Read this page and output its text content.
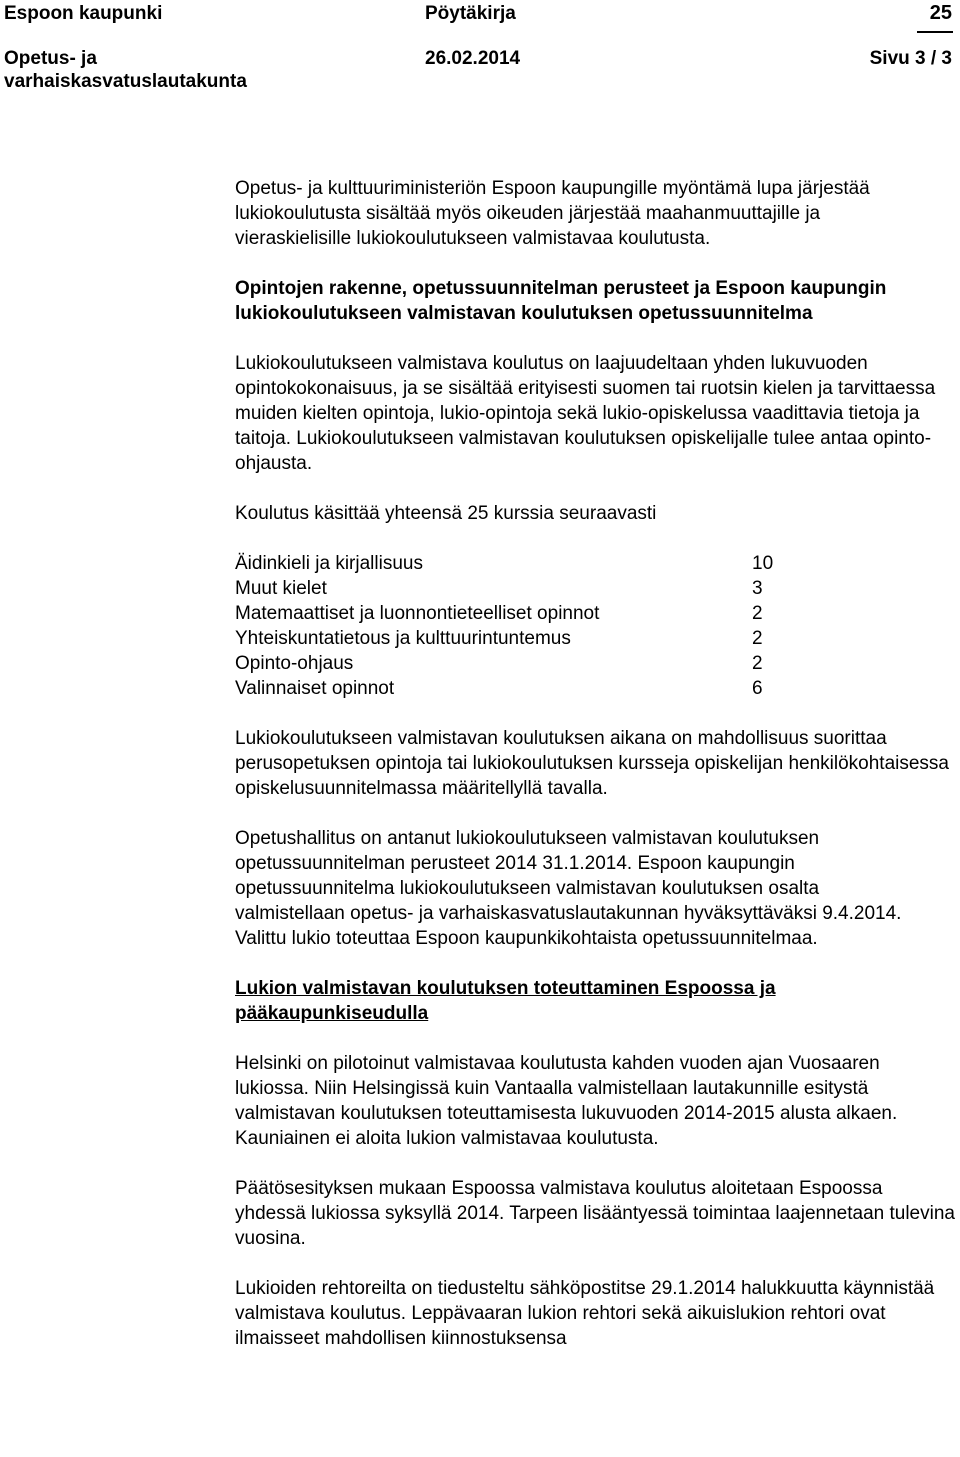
Espoon kaupunki	Pöytäkirja	25
Opetus- ja varhaiskasvatuslautakunta
26.02.2014	Sivu 3 / 3

Opetus- ja kulttuuriministeriön Espoon kaupungille myöntämä lupa järjestää lukiokoulutusta sisältää myös oikeuden järjestää maahanmuuttajille ja vieraskielisille lukiokoulutukseen valmistavaa koulutusta.

Opintojen rakenne, opetussuunnitelman perusteet ja Espoon kaupungin lukiokoulutukseen valmistavan koulutuksen opetussuunnitelma

Lukiokoulutukseen valmistava koulutus on laajuudeltaan yhden lukuvuoden opintokokonaisuus, ja se sisältää erityisesti suomen tai ruotsin kielen ja tarvittaessa muiden kielten opintoja, lukio-opintoja sekä lukio-opiskelussa vaadittavia tietoja ja taitoja. Lukiokoulutukseen valmistavan koulutuksen opiskelijalle tulee antaa opinto-ohjausta.

Koulutus käsittää yhteensä 25 kurssia seuraavasti

Äidinkieli ja kirjallisuus	10
Muut kielet	3
Matemaattiset ja luonnontieteelliset opinnot	2
Yhteiskuntatietous ja kulttuurintuntemus	2
Opinto-ohjaus	2
Valinnaiset opinnot	6

Lukiokoulutukseen valmistavan koulutuksen aikana on mahdollisuus suorittaa perusopetuksen opintoja tai lukiokoulutuksen kursseja opiskelijan henkilökohtaisessa opiskelusuunnitelmassa määritellyllä tavalla.

Opetushallitus on antanut lukiokoulutukseen valmistavan koulutuksen opetussuunnitelman perusteet 2014 31.1.2014. Espoon kaupungin opetussuunnitelma lukiokoulutukseen valmistavan koulutuksen osalta valmistellaan opetus- ja varhaiskasvatuslautakunnan hyväksyttäväksi 9.4.2014. Valittu lukio toteuttaa Espoon kaupunkikohtaista opetussuunnitelmaa.

Lukion valmistavan koulutuksen toteuttaminen Espoossa ja pääkaupunkiseudulla

Helsinki on pilotoinut valmistavaa koulutusta kahden vuoden ajan Vuosaaren lukiossa. Niin Helsingissä kuin Vantaalla valmistellaan lautakunnille esitystä valmistavan koulutuksen toteuttamisesta lukuvuoden 2014-2015 alusta alkaen. Kauniainen ei aloita lukion valmistavaa koulutusta.

Päätösesityksen mukaan Espoossa valmistava koulutus aloitetaan Espoossa yhdessä lukiossa syksyllä 2014. Tarpeen lisääntyessä toimintaa laajennetaan tulevina vuosina.

Lukioiden rehtoreilta on tiedusteltu sähköpostitse 29.1.2014 halukkuutta käynnistää valmistava koulutus. Leppävaaran lukion rehtori sekä aikuislukion rehtori ovat ilmaisseet mahdollisen kiinnostuksensa
